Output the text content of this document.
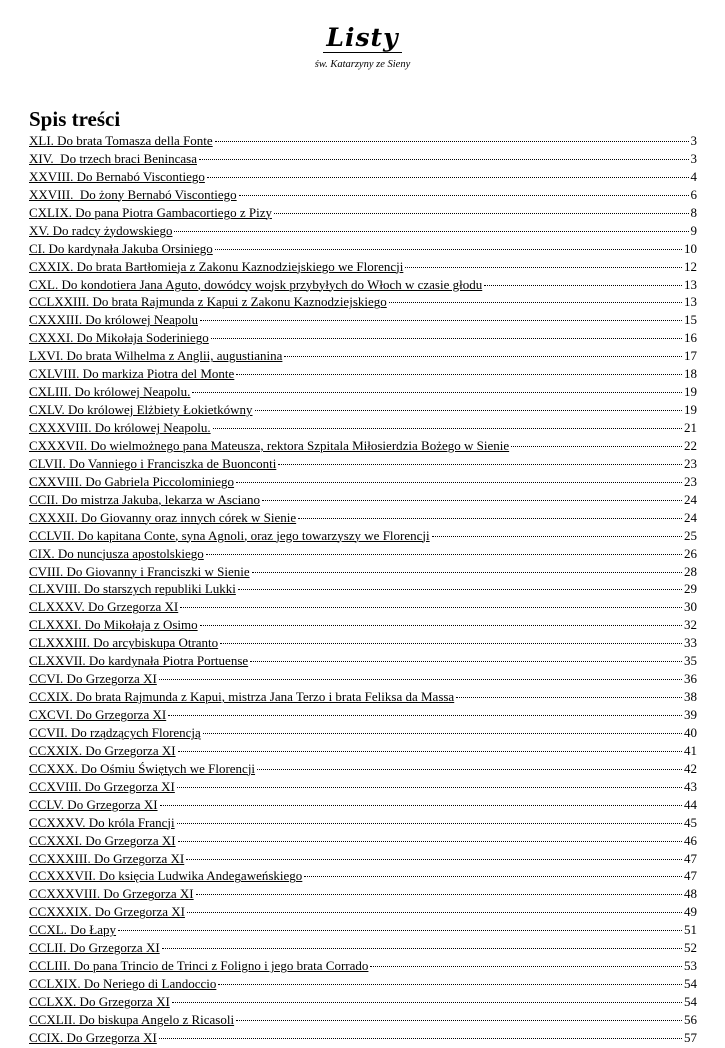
Listy
św. Katarzyny ze Sieny
Spis treści
XLI. Do brata Tomasza della Fonte	3
XIV.  Do trzech braci Benincasa	3
XXVIII. Do Bernabó Viscontiego	4
XXVIII.  Do żony Bernabó Viscontiego	6
CXLIX. Do pana Piotra Gambacortiego z Pizy	8
XV. Do radcy żydowskiego	9
CI. Do kardynała Jakuba Orsiniego	10
CXXIX. Do brata Bartłomieja z Zakonu Kaznodziejskiego we Florencji	12
CXL. Do kondotiera Jana Aguto, dowódcy wojsk przybyłych do Włoch w czasie głodu	13
CCLXXIII. Do brata Rajmunda z Kapui z Zakonu Kaznodziejskiego	13
CXXXIII. Do królowej Neapolu	15
CXXXI. Do Mikołaja Soderiniego	16
LXVI. Do brata Wilhelma z Anglii, augustianina	17
CXLVIII. Do markiza Piotra del Monte	18
CXLIII. Do królowej Neapolu.	19
CXLV. Do królowej Elżbiety Łokietkówny	19
CXXXVIII. Do królowej Neapolu.	21
CXXXVII. Do wielmożnego pana Mateusza, rektora Szpitala Miłosierdzia Bożego w Sienie	22
CLVII. Do Vanniego i Franciszka de Buonconti	23
CXXVIII. Do Gabriela Piccolominiego	23
CCII. Do mistrza Jakuba, lekarza w Asciano	24
CXXXII. Do Giovanny oraz innych córek w Sienie	24
CCLVII. Do kapitana Conte, syna Agnoli, oraz jego towarzyszy we Florencji	25
CIX. Do nuncjusza apostolskiego	26
CVIII. Do Giovanny i Franciszki w Sienie	28
CLXVIII. Do starszych republiki Lukki	29
CLXXXV. Do Grzegorza XI	30
CLXXXI. Do Mikołaja z Osimo	32
CLXXXIII. Do arcybiskupa Otranto	33
CLXXVII. Do kardynała Piotra Portuense	35
CCVI. Do Grzegorza XI	36
CCXIX. Do brata Rajmunda z Kapui, mistrza Jana Terzo i brata Feliksa da Massa	38
CXCVI. Do Grzegorza XI	39
CCVII. Do rządzących Florencją	40
CCXXIX. Do Grzegorza XI	41
CCXXX. Do Ośmiu Świętych we Florencji	42
CCXVIII. Do Grzegorza XI	43
CCLV. Do Grzegorza XI	44
CCXXXV. Do króla Francji	45
CCXXXI. Do Grzegorza XI	46
CCXXXIII. Do Grzegorza XI	47
CCXXXVII. Do księcia Ludwika Andegaweńskiego	47
CCXXXVIII. Do Grzegorza XI	48
CCXXXIX. Do Grzegorza XI	49
CCXL. Do Łapy	51
CCLII. Do Grzegorza XI	52
CCLIII. Do pana Trincio de Trinci z Foligno i jego brata Corrado	53
CCLXIX. Do Neriego di Landoccio	54
CCLXX. Do Grzegorza XI	54
CCXLII. Do biskupa Angelo z Ricasoli	56
CCIX. Do Grzegorza XI	57
